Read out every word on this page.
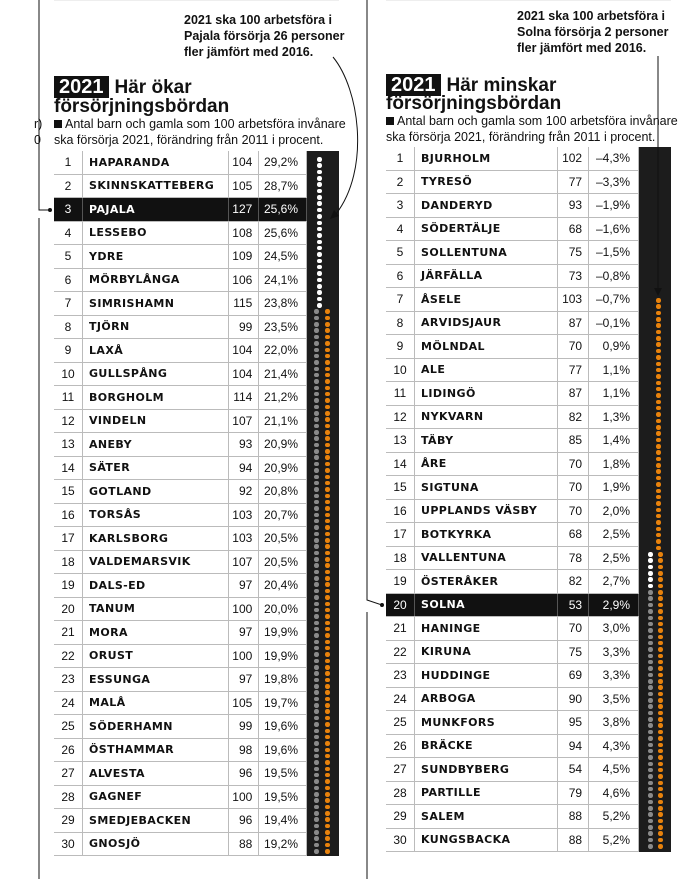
2021 ska 100 arbetsföra i
Pajala försörja 26 personer
fler jämfört med 2016.
2021 Här ökar
försörjningsbördan
Antal barn och gamla som 100 arbetsföra invånare
ska försörja 2021, förändring från 2011 i procent.
r)
0
1	HAPARANDA	104	29,2%
2	SKINNSKATTEBERG	105	28,7%
3	PAJALA	127	25,6%
4	LESSEBO	108	25,6%
5	YDRE	109	24,5%
6	MÖRBYLÅNGA	106	24,1%
7	SIMRISHAMN	115	23,8%
8	TJÖRN	99	23,5%
9	LAXÅ	104	22,0%
10	GULLSPÅNG	104	21,4%
11	BORGHOLM	114	21,2%
12	VINDELN	107	21,1%
13	ANEBY	93	20,9%
14	SÄTER	94	20,9%
15	GOTLAND	92	20,8%
16	TORSÅS	103	20,7%
17	KARLSBORG	103	20,5%
18	VALDEMARSVIK	107	20,5%
19	DALS-ED	97	20,4%
20	TANUM	100	20,0%
21	MORA	97	19,9%
22	ORUST	100	19,9%
23	ESSUNGA	97	19,8%
24	MALÅ	105	19,7%
25	SÖDERHAMN	99	19,6%
26	ÖSTHAMMAR	98	19,6%
27	ALVESTA	96	19,5%
28	GAGNEF	100	19,5%
29	SMEDJEBACKEN	96	19,4%
30	GNOSJÖ	88	19,2%
2021 ska 100 arbetsföra i
Solna försörja 2 personer
fler jämfört med 2016.
2021 Här minskar
försörjningsbördan
Antal barn och gamla som 100 arbetsföra invånare
ska försörja 2021, förändring från 2011 i procent.
1	BJURHOLM	102	–4,3%
2	TYRESÖ	77	–3,3%
3	DANDERYD	93	–1,9%
4	SÖDERTÄLJE	68	–1,6%
5	SOLLENTUNA	75	–1,5%
6	JÄRFÄLLA	73	–0,8%
7	ÅSELE	103	–0,7%
8	ARVIDSJAUR	87	–0,1%
9	MÖLNDAL	70	0,9%
10	ALE	77	1,1%
11	LIDINGÖ	87	1,1%
12	NYKVARN	82	1,3%
13	TÄBY	85	1,4%
14	ÅRE	70	1,8%
15	SIGTUNA	70	1,9%
16	UPPLANDS VÄSBY	70	2,0%
17	BOTKYRKA	68	2,5%
18	VALLENTUNA	78	2,5%
19	ÖSTERÅKER	82	2,7%
20	SOLNA	53	2,9%
21	HANINGE	70	3,0%
22	KIRUNA	75	3,3%
23	HUDDINGE	69	3,3%
24	ARBOGA	90	3,5%
25	MUNKFORS	95	3,8%
26	BRÄCKE	94	4,3%
27	SUNDBYBERG	54	4,5%
28	PARTILLE	79	4,6%
29	SALEM	88	5,2%
30	KUNGSBACKA	88	5,2%
